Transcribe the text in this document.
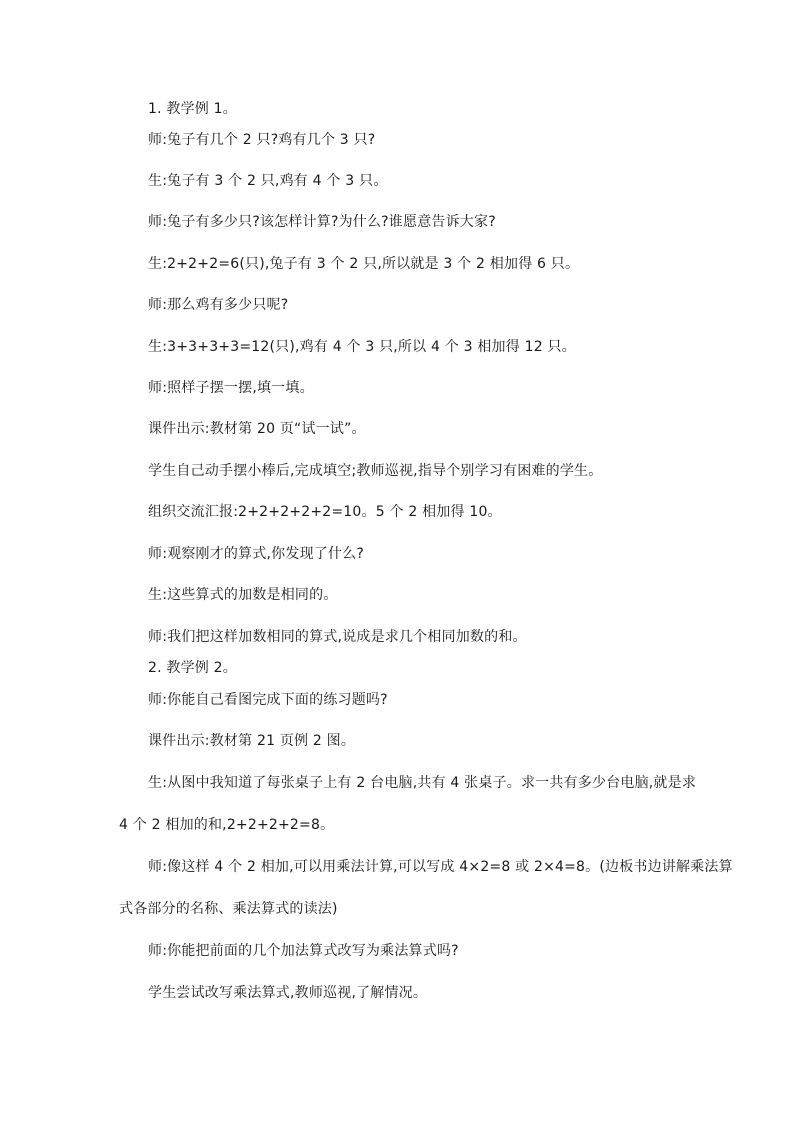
1. 教学例 1。
师:兔子有几个 2 只?鸡有几个 3 只?
生:兔子有 3 个 2 只,鸡有 4 个 3 只。
师:兔子有多少只?该怎样计算?为什么?谁愿意告诉大家?
生:2+2+2=6(只),兔子有 3 个 2 只,所以就是 3 个 2 相加得 6 只。
师:那么鸡有多少只呢?
生:3+3+3+3=12(只),鸡有 4 个 3 只,所以 4 个 3 相加得 12 只。
师:照样子摆一摆,填一填。
课件出示:教材第 20 页“试一试”。
学生自己动手摆小棒后,完成填空;教师巡视,指导个别学习有困难的学生。
组织交流汇报:2+2+2+2+2=10。5 个 2 相加得 10。
师:观察刚才的算式,你发现了什么?
生:这些算式的加数是相同的。
师:我们把这样加数相同的算式,说成是求几个相同加数的和。
2. 教学例 2。
师:你能自己看图完成下面的练习题吗?
课件出示:教材第 21 页例 2 图。
生:从图中我知道了每张桌子上有 2 台电脑,共有 4 张桌子。求一共有多少台电脑,就是求
4 个 2 相加的和,2+2+2+2=8。
师:像这样 4 个 2 相加,可以用乘法计算,可以写成 4×2=8 或 2×4=8。(边板书边讲解乘法算
式各部分的名称、乘法算式的读法)
师:你能把前面的几个加法算式改写为乘法算式吗?
学生尝试改写乘法算式,教师巡视,了解情况。
